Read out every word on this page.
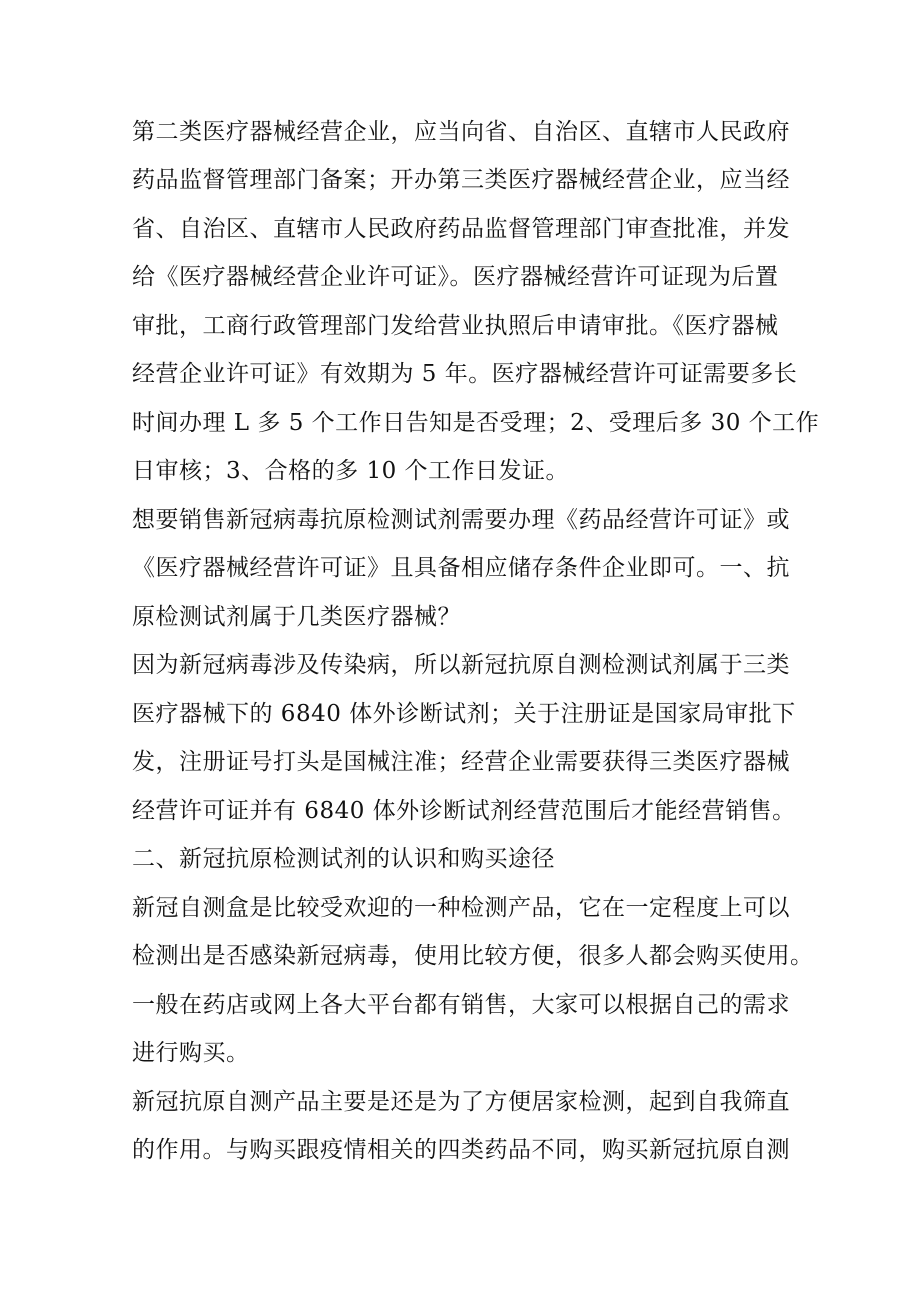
第二类医疗器械经营企业，应当向省、自治区、直辖市人民政府
药品监督管理部门备案；开办第三类医疗器械经营企业，应当经
省、自治区、直辖市人民政府药品监督管理部门审查批准，并发
给《医疗器械经营企业许可证》。医疗器械经营许可证现为后置
审批，工商行政管理部门发给营业执照后申请审批。《医疗器械
经营企业许可证》有效期为 5 年。医疗器械经营许可证需要多长
时间办理 L 多 5 个工作日告知是否受理；2、受理后多 30 个工作
日审核；3、合格的多 10 个工作日发证。
想要销售新冠病毒抗原检测试剂需要办理《药品经营许可证》或
《医疗器械经营许可证》且具备相应储存条件企业即可。一、抗
原检测试剂属于几类医疗器械？
因为新冠病毒涉及传染病，所以新冠抗原自测检测试剂属于三类
医疗器械下的 6840 体外诊断试剂；关于注册证是国家局审批下
发，注册证号打头是国械注准；经营企业需要获得三类医疗器械
经营许可证并有 6840 体外诊断试剂经营范围后才能经营销售。
二、新冠抗原检测试剂的认识和购买途径
新冠自测盒是比较受欢迎的一种检测产品，它在一定程度上可以
检测出是否感染新冠病毒，使用比较方便，很多人都会购买使用。
一般在药店或网上各大平台都有销售，大家可以根据自己的需求
进行购买。
新冠抗原自测产品主要是还是为了方便居家检测，起到自我筛直
的作用。与购买跟疫情相关的四类药品不同，购买新冠抗原自测
